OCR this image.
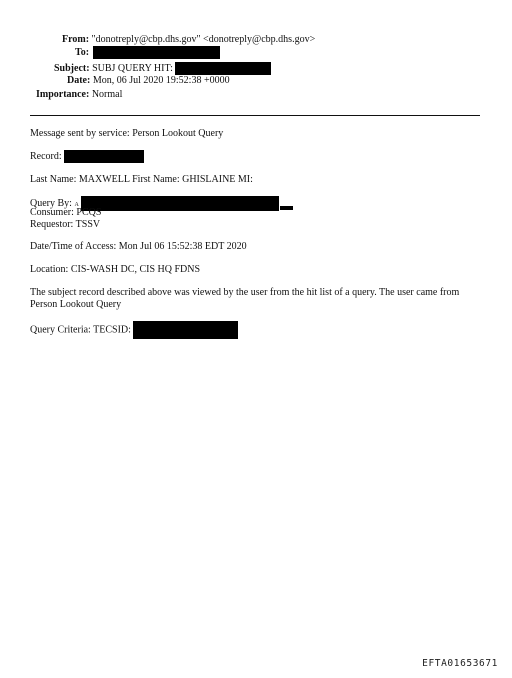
From: "donotreply@cbp.dhs.gov" <donotreply@cbp.dhs.gov>
To:
Subject: SUBJ QUERY HIT:
Date: Mon, 06 Jul 2020 19:52:38 +0000
Importance: Normal
Message sent by service: Person Lookout Query
Record:
Last Name: MAXWELL First Name: GHISLAINE MI:
Query By: A
Consumer: PCQS
Requestor: TSSV
Date/Time of Access: Mon Jul 06 15:52:38 EDT 2020
Location: CIS-WASH DC, CIS HQ FDNS
The subject record described above was viewed by the user from the hit list of a query. The user came from Person Lookout Query
Query Criteria: TECSID:
EFTA01653671
